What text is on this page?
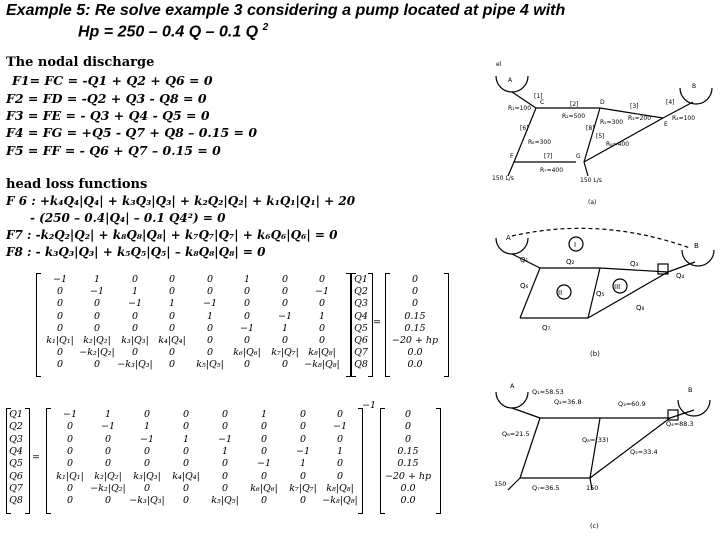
Example 5: Re solve example 3 considering a pump located at pipe 4 with
Hp = 250 – 0.4 Q – 0.1 Q $^2$
The nodal discharge
F1= FC = -Q1 + Q2 + Q6 = 0
F2 = FD = -Q2 + Q3 - Q8 = 0
F3 = FE = - Q3 + Q4 - Q5 = 0
F4 = FG = +Q5 - Q7 + Q8 – 0.15 = 0
F5 = FF = - Q6 + Q7 – 0.15 = 0
head loss functions
F 6 : +k₄Q₄|Q₄| + k₃Q₃|Q₃| + k₂Q₂|Q₂| + k₁Q₁|Q₁| + 20
- (250 – 0.4|Q₄| – 0.1 Q4²) = 0
F7 : -k₂Q₂|Q₂| + k₈Q₈|Q₈| + k₇Q₇|Q₇| + k₆Q₆|Q₆| = 0
F8 : - k₃Q₃|Q₃| + k₅Q₅|Q₅| – k₈Q₈|Q₈| = 0
−1	1	0	0	0	1	0	0
0	−1	1	0	0	0	0	−1
0	0	−1	1	−1	0	0	0
0	0	0	0	1	0	−1	1
0	0	0	0	0	−1	1	0
k₁|Q₁| k₂|Q₂| k₃|Q₃| k₄|Q₄| 0	0	0	0
0 −k₂|Q₂| 0	0	0 k₆|Q₆| k₇|Q₇| k₈|Q₈|
0	0 −k₃|Q₃| 0 k₅|Q₅| 0	0 −k₈|Q₈|
Q1
Q2
Q3
Q4
Q5
Q6
Q7
Q8
=
0
0
0
0.15
0.15
−20 + hp
0.0
0.0
Q1
Q2
Q3
Q4
Q5
Q6
Q7
Q8
=
−1	1	0	0	0	1	0	0
0	−1	1	0	0	0	0	−1
0	0	−1	1	−1	0	0	0
0	0	0	0	1	0	−1	1
0	0	0	0	0	−1	1	0
k₁|Q₁| k₂|Q₂| k₃|Q₃| k₄|Q₄| 0	0	0	0
0 −k₂|Q₂| 0	0	0 k₆|Q₆| k₇|Q₇| k₈|Q₈|
0	0 −k₃|Q₃| 0 k₅|Q₅| 0	0 −k₈|Q₈|
−1
0
0
0
0.15
0.15
−20 + hp
0.0
0.0
el
A
B
C	D
E
F	G
[1]
[2]	[3]
[4]
[5]
[6]
[7]
[8]
R₁=100
R₂=500	R₃=200	R₄=100
R₅=300
R₆=300
R₇=400
R₈=400
150 L/s	150 L/s
(a)
A
B
I
II
III
Q₁	Q₂	Q₃
Q₄
Q₅
Q₆
Q₇
Q₈
(b)
A	B
Q₁=58.53
Q₂=36.8	Q₃=60.9
Q₄=88.3
Q₅=33.4
Q₆=21.5
Q₇=36.5
Q₈=(33)
150	150
(c)
